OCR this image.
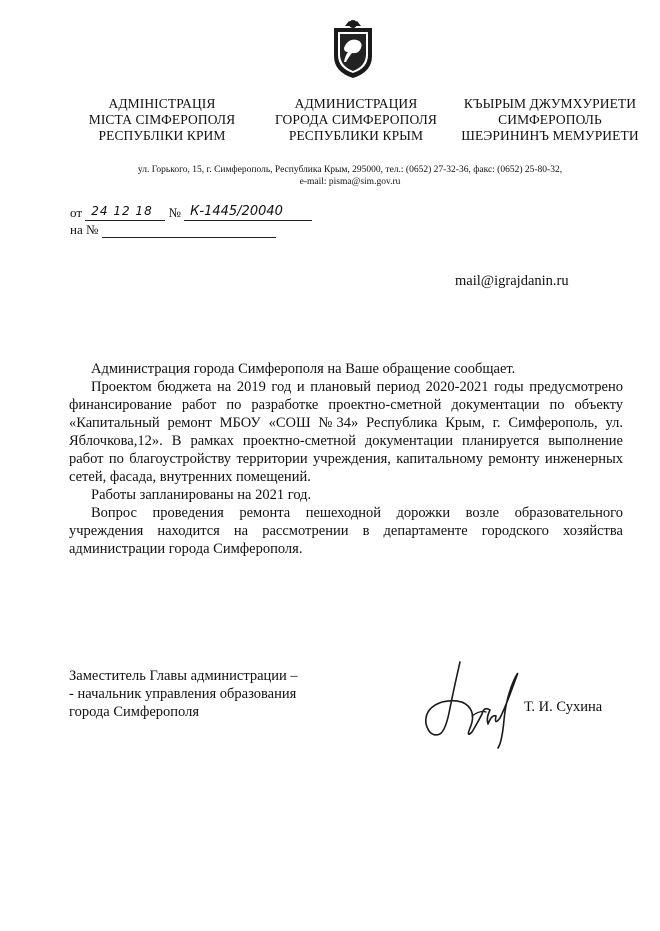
АДМІНІСТРАЦІЯ
МІСТА СІМФЕРОПОЛЯ
РЕСПУБЛІКИ КРИМ
АДМИНИСТРАЦИЯ
ГОРОДА СИМФЕРОПОЛЯ
РЕСПУБЛИКИ КРЫМ
КЪЫРЫМ ДЖУМХУРИЕТИ
СИМФЕРОПОЛЬ
ШЕЭРИНИНЪ МЕМУРИЕТИ
ул. Горького, 15, г. Симферополь, Республика Крым, 295000, тел.: (0652) 27-32-36, факс: (0652) 25-80-32,
e-mail: pisma@sim.gov.ru
от 24 12 18 № К-1445/20040
на №
mail@igrajdanin.ru

Администрация города Симферополя на Ваше обращение сообщает.

Проектом бюджета на 2019 год и плановый период 2020-2021 годы предусмотрено финансирование работ по разработке проектно-сметной документации по объекту «Капитальный ремонт МБОУ «СОШ №34» Республика Крым, г. Симферополь, ул. Яблочкова,12». В рамках проектно-сметной документации планируется выполнение работ по благоустройству территории учреждения, капитальному ремонту инженерных сетей, фасада, внутренних помещений.

Работы запланированы на 2021 год.

Вопрос проведения ремонта пешеходной дорожки возле образовательного учреждения находится на рассмотрении в департаменте городского хозяйства администрации города Симферополя.

Заместитель Главы администрации –
- начальник управления образования
города Симферополя	Т. И. Сухина
